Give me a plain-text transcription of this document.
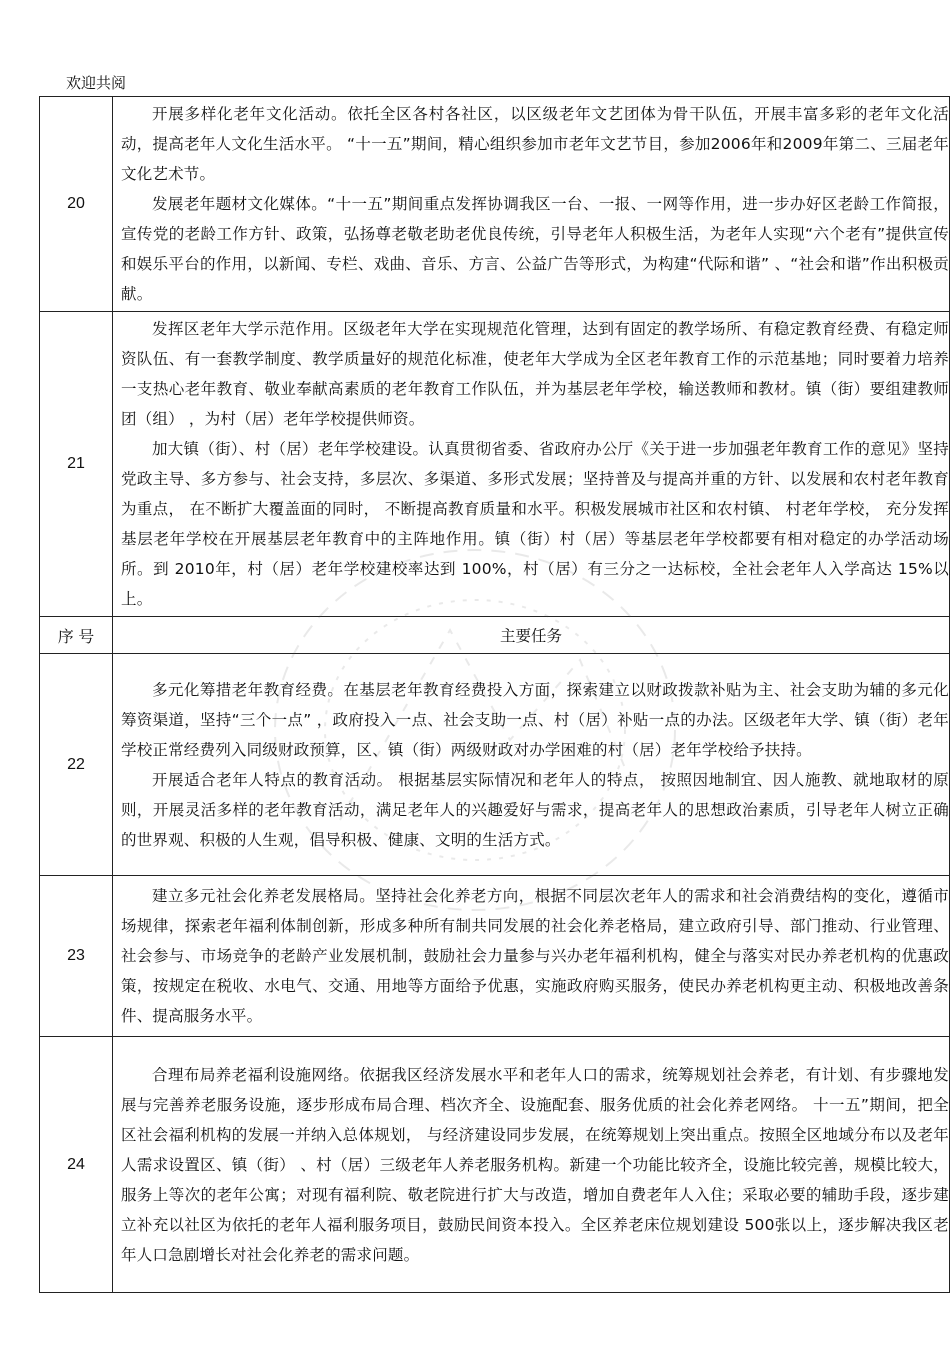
欢迎共阅
20	开展多样化老年文化活动。依托全区各村各社区，以区级老年文艺团体为骨干队伍，开展丰富多彩的老年文化活动，提高老年人文化生活水平。 “十一五”期间，精心组织参加市老年文艺节目，参加2006年和2009年第二、三届老年文化艺术节。

发展老年题材文化媒体。“十一五”期间重点发挥协调我区一台、一报、一网等作用，进一步办好区老龄工作简报，宣传党的老龄工作方针、政策，弘扬尊老敬老助老优良传统，引导老年人积极生活，为老年人实现“六个老有”提供宣传和娱乐平台的作用，以新闻、专栏、戏曲、音乐、方言、公益广告等形式，为构建“代际和谐” 、“社会和谐”作出积极贡献。

21	发挥区老年大学示范作用。区级老年大学在实现规范化管理，达到有固定的教学场所、有稳定教育经费、有稳定师资队伍、有一套教学制度、教学质量好的规范化标准，使老年大学成为全区老年教育工作的示范基地；同时要着力培养一支热心老年教育、敬业奉献高素质的老年教育工作队伍，并为基层老年学校，输送教师和教材。镇（街）要组建教师团（组） ，为村（居）老年学校提供师资。

加大镇（街）、村（居）老年学校建设。认真贯彻省委、省政府办公厅《关于进一步加强老年教育工作的意见》坚持党政主导、多方参与、社会支持，多层次、多渠道、多形式发展；坚持普及与提高并重的方针、以发展和农村老年教育为重点， 在不断扩大覆盖面的同时， 不断提高教育质量和水平。积极发展城市社区和农村镇、 村老年学校， 充分发挥基层老年学校在开展基层老年教育中的主阵地作用。镇（街）村（居）等基层老年学校都要有相对稳定的办学活动场所。到 2010年，村（居）老年学校建校率达到 100%，村（居）有三分之一达标校，全社会老年人入学高达 15%以上。

序 号	主要任务
22	多元化筹措老年教育经费。在基层老年教育经费投入方面，探索建立以财政拨款补贴为主、社会支助为辅的多元化筹资渠道，坚持“三个一点” ，政府投入一点、社会支助一点、村（居）补贴一点的办法。区级老年大学、镇（街）老年学校正常经费列入同级财政预算，区、镇（街）两级财政对办学困难的村（居）老年学校给予扶持。

开展适合老年人特点的教育活动。 根据基层实际情况和老年人的特点， 按照因地制宜、因人施教、就地取材的原则，开展灵活多样的老年教育活动，满足老年人的兴趣爱好与需求，提高老年人的思想政治素质，引导老年人树立正确的世界观、积极的人生观，倡导积极、健康、文明的生活方式。

23	建立多元社会化养老发展格局。坚持社会化养老方向，根据不同层次老年人的需求和社会消费结构的变化，遵循市场规律，探索老年福利体制创新，形成多种所有制共同发展的社会化养老格局，建立政府引导、部门推动、行业管理、社会参与、市场竞争的老龄产业发展机制，鼓励社会力量参与兴办老年福利机构，健全与落实对民办养老机构的优惠政策，按规定在税收、水电气、交通、用地等方面给予优惠，实施政府购买服务，使民办养老机构更主动、积极地改善条件、提高服务水平。

24	合理布局养老福利设施网络。依据我区经济发展水平和老年人口的需求，统筹规划社会养老，有计划、有步骤地发展与完善养老服务设施，逐步形成布局合理、档次齐全、设施配套、服务优质的社会化养老网络。 十一五”期间，把全区社会福利机构的发展一并纳入总体规划， 与经济建设同步发展，在统筹规划上突出重点。按照全区地域分布以及老年人需求设置区、镇（街） 、村（居）三级老年人养老服务机构。新建一个功能比较齐全，设施比较完善，规模比较大，服务上等次的老年公寓；对现有福利院、敬老院进行扩大与改造，增加自费老年人入住；采取必要的辅助手段，逐步建立补充以社区为依托的老年人福利服务项目，鼓励民间资本投入。全区养老床位规划建设 500张以上，逐步解决我区老年人口急剧增长对社会化养老的需求问题。
